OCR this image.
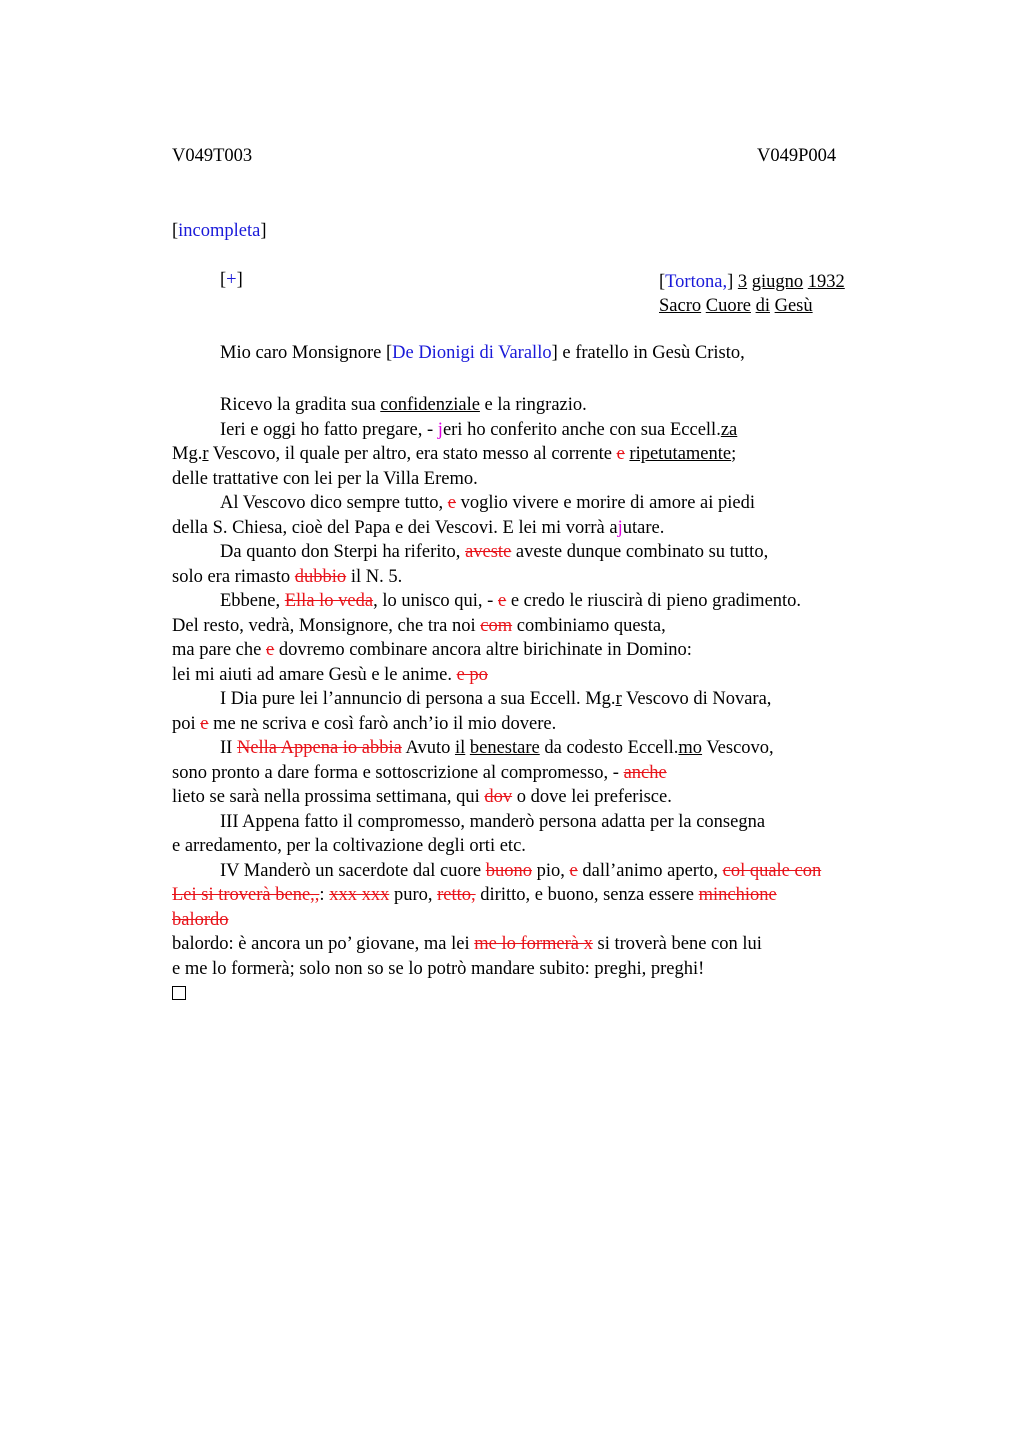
V049T003	V049P004
[incompleta]
[+]	[Tortona,] 3 giugno 1932
Sacro Cuore di Gesù
Mio caro Monsignore [De Dionigi di Varallo] e fratello in Gesù Cristo,
Ricevo la gradita sua confidenziale e la ringrazio.
Ieri e oggi ho fatto pregare, - jeri ho conferito anche con sua Eccell.za
Mg.r Vescovo, il quale per altro, era stato messo al corrente e ripetutamente;
delle trattative con lei per la Villa Eremo.
Al Vescovo dico sempre tutto, e voglio vivere e morire di amore ai piedi
della S. Chiesa, cioè del Papa e dei Vescovi. E lei mi vorrà ajutare.
Da quanto don Sterpi ha riferito, aveste aveste dunque combinato su tutto,
solo era rimasto dubbio il N. 5.
Ebbene, Ella lo veda, lo unisco qui, - e e credo le riuscirà di pieno gradimento.
Del resto, vedrà, Monsignore, che tra noi com combiniamo questa,
ma pare che e dovremo combinare ancora altre birichinate in Domino:
lei mi aiuti ad amare Gesù e le anime. e po
I Dia pure lei l’annuncio di persona a sua Eccell. Mg.r Vescovo di Novara,
poi e me ne scriva e così farò anch’io il mio dovere.
II Nella Appena io abbia Avuto il benestare da codesto Eccell.mo Vescovo,
sono pronto a dare forma e sottoscrizione al compromesso, - anche
lieto se sarà nella prossima settimana, qui dov o dove lei preferisce.
III Appena fatto il compromesso, manderò persona adatta per la consegna
e arredamento, per la coltivazione degli orti etc.
IV Manderò un sacerdote dal cuore buono pio, e dall’animo aperto, col quale con
Lei si troverà bene,,: xxx xxx puro, retto, diritto, e buono, senza essere minchione
balordo
balordo: è ancora un po’ giovane, ma lei me lo formerà x si troverà bene con lui
e me lo formerà; solo non so se lo potrò mandare subito: preghi, preghi!
